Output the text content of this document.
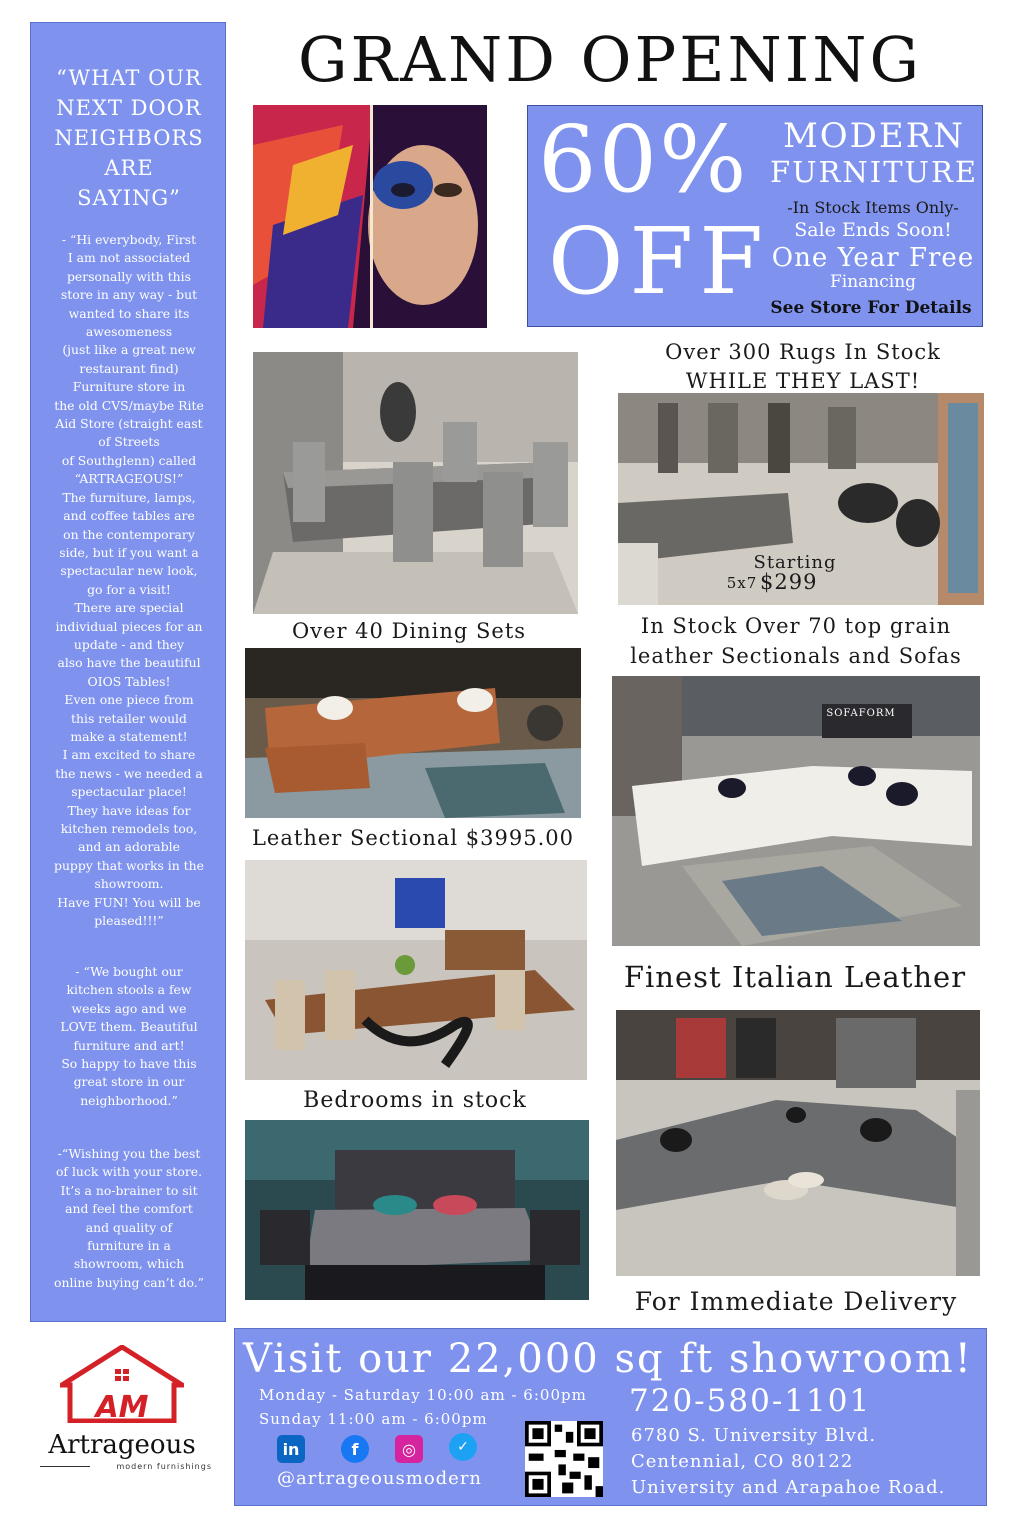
“WHAT OUR
NEXT DOOR
NEIGHBORS
ARE
SAYING”
- “Hi everybody, First
I am not associated
personally with this
store in any way - but
wanted to share its
awesomeness
(just like a great new
restaurant find)
Furniture store in
the old CVS/maybe Rite
Aid Store (straight east
of Streets
of Southglenn) called
“ARTRAGEOUS!”
The furniture, lamps,
and coffee tables are
on the contemporary
side, but if you want a
spectacular new look,
go for a visit!
There are special
individual pieces for an
update - and they
also have the beautiful
OIOS Tables!
Even one piece from
this retailer would
make a statement!
I am excited to share
the news - we needed a
spectacular place!
They have ideas for
kitchen remodels too,
and an adorable
puppy that works in the
showroom.
Have FUN! You will be
pleased!!!”
- “We bought our
kitchen stools a few
weeks ago and we
LOVE them. Beautiful
furniture and art!
So happy to have this
great store in our
neighborhood.”
-“Wishing you the best
of luck with your store.
It’s a no-brainer to sit
and feel the comfort
and quality of
furniture in a
showroom, which
online buying can’t do.”
GRAND OPENING
60%
OFF
MODERN
FURNITURE
-In Stock Items Only-
Sale Ends Soon!
One Year Free
Financing
See Store For Details
Over 300 Rugs In Stock
WHILE THEY LAST!
Starting
5x7 $299
Over 40 Dining Sets	In Stock Over 70 top grain
leather Sectionals and Sofas
Leather Sectional $3995.00
SOFAFORM
Finest Italian Leather
Bedrooms in stock
For Immediate Delivery
AM
Artrageous
modern furnishings
Visit our 22,000 sq ft showroom!
Monday - Saturday 10:00 am - 6:00pm
Sunday 11:00 am - 6:00pm
in	f	◎	✓
@artrageousmodern
720-580-1101
6780 S. University Blvd.
Centennial, CO 80122
University and Arapahoe Road.
